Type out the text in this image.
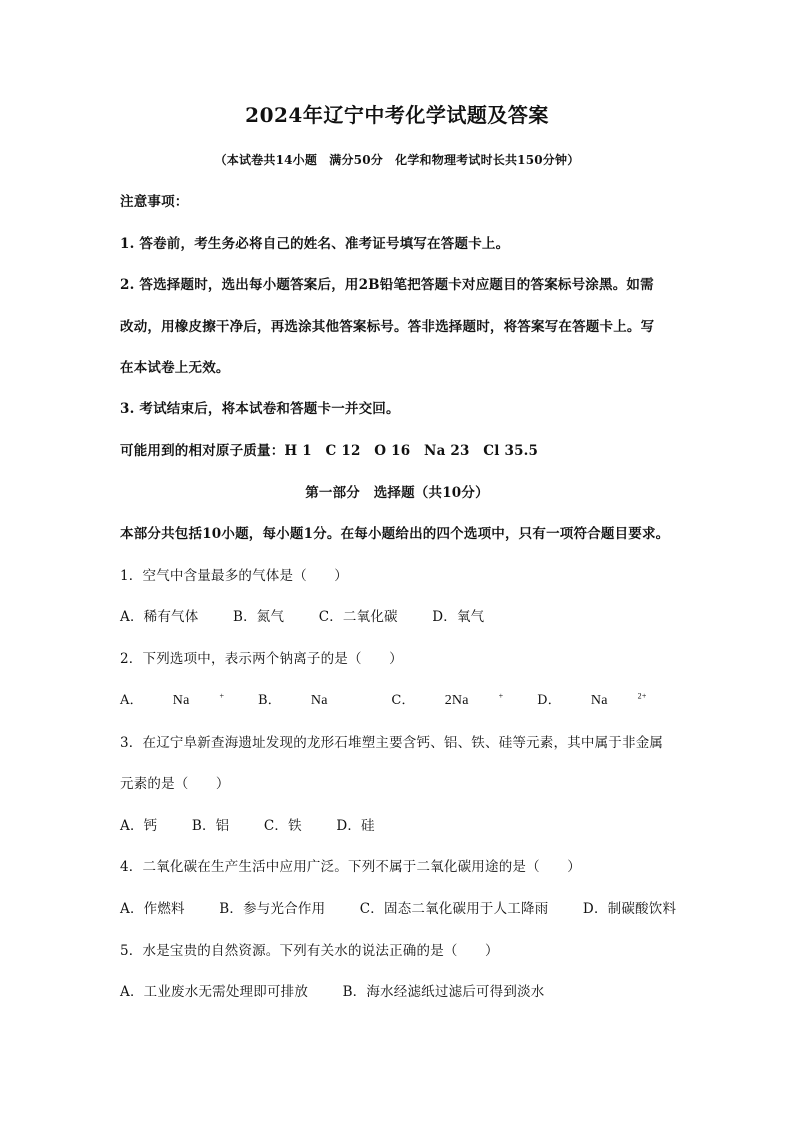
2024年辽宁中考化学试题及答案
（本试卷共14小题　满分50分　化学和物理考试时长共150分钟）
注意事项：
1. 答卷前，考生务必将自己的姓名、准考证号填写在答题卡上。
2. 答选择题时，选出每小题答案后，用2B铅笔把答题卡对应题目的答案标号涂黑。如需
改动，用橡皮擦干净后，再选涂其他答案标号。答非选择题时，将答案写在答题卡上。写
在本试卷上无效。
3. 考试结束后，将本试卷和答题卡一并交回。
可能用到的相对原子质量：H 1　C 12　O 16　Na 23　Cl 35.5
第一部分　选择题（共10分）
本部分共包括10小题，每小题1分。在每小题给出的四个选项中，只有一项符合题目要求。
1．空气中含量最多的气体是（　　）
A．稀有气体	B．氮气	C．二氧化碳	D．氧气
2．下列选项中，表示两个钠离子的是（　　）
A． Na	+	B． Na	C． 2Na	+	D． Na	$^{2+}$
3．在辽宁阜新查海遗址发现的龙形石堆塑主要含钙、铝、铁、硅等元素，其中属于非金属
元素的是（　　）
A．钙	B．铝	C．铁	D．硅
4．二氧化碳在生产生活中应用广泛。下列不属于二氧化碳用途的是（　　）
A．作燃料	B．参与光合作用	C．固态二氧化碳用于人工降雨	D．制碳酸饮料
5．水是宝贵的自然资源。下列有关水的说法正确的是（　　）
A．工业废水无需处理即可排放	B．海水经滤纸过滤后可得到淡水
